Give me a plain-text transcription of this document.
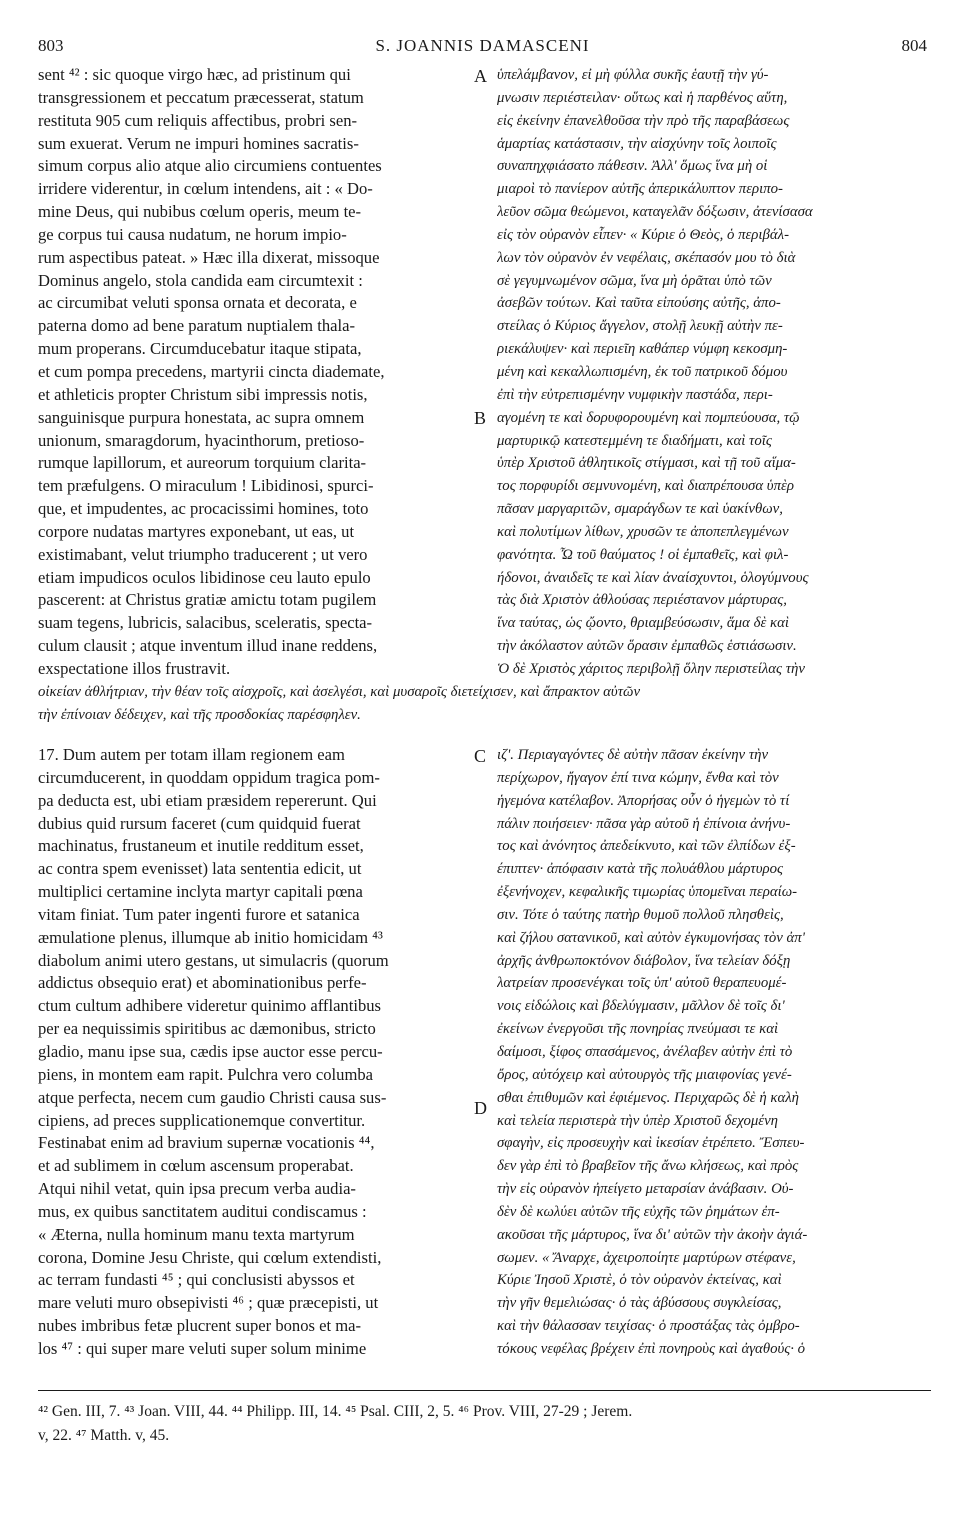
803	S. JOANNIS DAMASCENI	804
sent ⁴² : sic quoque virgo hæc, ad pristinum qui
transgressionem et peccatum præcesserat, statum
restituta 905 cum reliquis affectibus, probri sen-
sum exuerat. Verum ne impuri homines sacratis-
simum corpus alio atque alio circumiens contuentes
irridere viderentur, in cœlum intendens, ait : « Do-
mine Deus, qui nubibus cœlum operis, meum te-
ge corpus tui causa nudatum, ne horum impio-
rum aspectibus pateat. » Hæc illa dixerat, missoque
Dominus angelo, stola candida eam circumtexit :
ac circumibat veluti sponsa ornata et decorata, e
paterna domo ad bene paratum nuptialem thala-
mum properans. Circumducebatur itaque stipata,
et cum pompa precedens, martyrii cincta diademate,
et athleticis propter Christum sibi impressis notis,
sanguinisque purpura honestata, ac supra omnem
unionum, smaragdorum, hyacinthorum, pretioso-
rumque lapillorum, et aureorum torquium clarita-
tem præfulgens. O miraculum ! Libidinosi, spurci-
que, et impudentes, ac procacissimi homines, toto
corpore nudatas martyres exponebant, ut eas, ut
existimabant, velut triumpho traducerent ; ut vero
etiam impudicos oculos libidinose ceu lauto epulo
pascerent: at Christus gratiæ amictu totam pugilem
suam tegens, lubricis, salacibus, sceleratis, specta-
culum clausit ; atque inventum illud inane reddens,
exspectatione illos frustravit.
ὑπελάμβανον, εἰ μὴ φύλλα συκῆς ἑαυτῇ τὴν γύ-
μνωσιν περιέστειλαν· οὕτως καὶ ἡ παρθένος αὕτη,
εἰς ἐκείνην ἐπανελθοῦσα τὴν πρὸ τῆς παραβάσεως
ἁμαρτίας κατάστασιν, τὴν αἰσχύνην τοῖς λοιποῖς
συναπηχφιάσατο πάθεσιν. Ἀλλ' ὅμως ἵνα μὴ οἱ
μιαροὶ τὸ πανίερον αὐτῆς ἀπερικάλυπτον περιπο-
λεῦον σῶμα θεώμενοι, καταγελᾶν δόξωσιν, ἀτενίσασα
εἰς τὸν οὐρανὸν εἶπεν· « Κύριε ὁ Θεὸς, ὁ περιβάλ-
λων τὸν οὐρανὸν ἐν νεφέλαις, σκέπασόν μου τὸ διὰ
σὲ γεγυμνωμένον σῶμα, ἵνα μὴ ὁρᾶται ὑπὸ τῶν
ἀσεβῶν τούτων. Καὶ ταῦτα εἰπούσης αὐτῆς, ἀπο-
στείλας ὁ Κύριος ἄγγελον, στολῇ λευκῇ αὐτὴν πε-
ριεκάλυψεν· καὶ περιεῖη καθάπερ νύμφη κεκοσμη-
μένη καὶ κεκαλλωπισμένη, ἐκ τοῦ πατρικοῦ δόμου
ἐπὶ τὴν εὐτρεπισμένην νυμφικὴν παστάδα, περι-
αγομένη τε καὶ δορυφορουμένη καὶ πομπεύουσα, τῷ
μαρτυρικῷ κατεστεμμένη τε διαδήματι, καὶ τοῖς
ὑπὲρ Χριστοῦ ἀθλητικοῖς στίγμασι, καὶ τῇ τοῦ αἵμα-
τος πορφυρίδι σεμνυνομένη, καὶ διαπρέπουσα ὑπὲρ
πᾶσαν μαργαριτῶν, σμαράγδων τε καὶ ὑακίνθων,
καὶ πολυτίμων λίθων, χρυσῶν τε ἀποπεπλεγμένων
φανότητα. Ὦ τοῦ θαύματος ! οἱ ἐμπαθεῖς, καὶ φιλ-
ήδονοι, ἀναιδεῖς τε καὶ λίαν ἀναίσχυντοι, ὁλογύμνους
τὰς διὰ Χριστὸν ἀθλούσας περιέστανον μάρτυρας,
ἵνα ταύτας, ὡς ᾤοντο, θριαμβεύσωσιν, ἅμα δὲ καὶ
τὴν ἀκόλαστον αὐτῶν ὅρασιν ἐμπαθῶς ἑστιάσωσιν.
Ὁ δὲ Χριστὸς χάριτος περιβολῇ ὅλην περιστείλας τὴν
οἰκείαν ἀθλήτριαν, τὴν θέαν τοῖς αἰσχροῖς, καὶ ἀσελγέσι, καὶ μυσαροῖς διετείχισεν, καὶ ἄπρακτον αὐτῶν
τὴν ἐπίνοιαν δέδειχεν, καὶ τῆς προσδοκίας παρέσφηλεν.
17. Dum autem per totam illam regionem eam
circumducerent, in quoddam oppidum tragica pom-
pa deducta est, ubi etiam præsidem repererunt. Qui
dubius quid rursum faceret (cum quidquid fuerat
machinatus, frustaneum et inutile redditum esset,
ac contra spem evenisset) lata sententia edicit, ut
multiplici certamine inclyta martyr capitali pœna
vitam finiat. Tum pater ingenti furore et satanica
æmulatione plenus, illumque ab initio homicidam ⁴³
diabolum animi utero gestans, ut simulacris (quorum
addictus obsequio erat) et abominationibus perfe-
ctum cultum adhibere videretur quinimo afflantibus
per ea nequissimis spiritibus ac dæmonibus, stricto
gladio, manu ipse sua, cædis ipse auctor esse percu-
piens, in montem eam rapit. Pulchra vero columba
atque perfecta, necem cum gaudio Christi causa sus-
cipiens, ad preces supplicationemque convertitur.
Festinabat enim ad bravium supernæ vocationis ⁴⁴,
et ad sublimem in cœlum ascensum properabat.
Atqui nihil vetat, quin ipsa precum verba audia-
mus, ex quibus sanctitatem auditui condiscamus :
« Æterna, nulla hominum manu texta martyrum
corona, Domine Jesu Christe, qui cœlum extendisti,
ac terram fundasti ⁴⁵ ; qui conclusisti abyssos et
mare veluti muro obsepivisti ⁴⁶ ; quæ præcepisti, ut
nubes imbribus fetæ plucrent super bonos et ma-
los ⁴⁷ : qui super mare veluti super solum minime
ιζ'. Περιαγαγόντες δὲ αὐτὴν πᾶσαν ἐκείνην τὴν
περίχωρον, ἤγαγον ἐπί τινα κώμην, ἔνθα καὶ τὸν
ἡγεμόνα κατέλαβον. Ἀπορήσας οὖν ὁ ἡγεμὼν τὸ τί
πάλιν ποιήσειεν· πᾶσα γὰρ αὐτοῦ ἡ ἐπίνοια ἀνήνυ-
τος καὶ ἀνόνητος ἀπεδείκνυτο, καὶ τῶν ἐλπίδων ἐξ-
έπιπτεν· ἀπόφασιν κατὰ τῆς πολυάθλου μάρτυρος
ἐξενήνοχεν, κεφαλικῆς τιμωρίας ὑπομεῖναι περαίω-
σιν. Τότε ὁ ταύτης πατὴρ θυμοῦ πολλοῦ πλησθεὶς,
καὶ ζήλου σατανικοῦ, καὶ αὐτὸν ἐγκυμονήσας τὸν ἀπ'
ἀρχῆς ἀνθρωποκτόνον διάβολον, ἵνα τελείαν δόξῃ
λατρείαν προσενέγκαι τοῖς ὑπ' αὐτοῦ θεραπευομέ-
νοις εἰδώλοις καὶ βδελύγμασιν, μᾶλλον δὲ τοῖς δι'
ἐκείνων ἐνεργοῦσι τῆς πονηρίας πνεύμασι τε καὶ
δαίμοσι, ξίφος σπασάμενος, ἀνέλαβεν αὐτὴν ἐπὶ τὸ
ὄρος, αὐτόχειρ καὶ αὐτουργὸς τῆς μιαιφονίας γενέ-
σθαι ἐπιθυμῶν καὶ ἐφιέμενος. Περιχαρῶς δὲ ἡ καλὴ
καὶ τελεία περιστερὰ τὴν ὑπὲρ Χριστοῦ δεχομένη
σφαγὴν, εἰς προσευχὴν καὶ ἱκεσίαν ἐτρέπετο. Ἔσπευ-
δεν γὰρ ἐπὶ τὸ βραβεῖον τῆς ἄνω κλήσεως, καὶ πρὸς
τὴν εἰς οὐρανὸν ἠπείγετο μεταρσίαν ἀνάβασιν. Οὐ-
δὲν δὲ κωλύει αὐτῶν τῆς εὐχῆς τῶν ῥημάτων ἐπ-
ακοῦσαι τῆς μάρτυρος, ἵνα δι' αὐτῶν τὴν ἀκοὴν ἁγιά-
σωμεν. « Ἄναρχε, ἀχειροποίητε μαρτύρων στέφανε,
Κύριε Ἰησοῦ Χριστὲ, ὁ τὸν οὐρανὸν ἐκτείνας, καὶ
τὴν γῆν θεμελιώσας· ὁ τὰς ἀβύσσους συγκλείσας,
καὶ τὴν θάλασσαν τειχίσας· ὁ προστάξας τὰς ὀμβρο-
τόκους νεφέλας βρέχειν ἐπὶ πονηροὺς καὶ ἀγαθούς· ὁ
A
B
C
D
⁴² Gen. III, 7. ⁴³ Joan. VIII, 44. ⁴⁴ Philipp. III, 14. ⁴⁵ Psal. CIII, 2, 5. ⁴⁶ Prov. VIII, 27-29 ; Jerem.
v, 22. ⁴⁷ Matth. v, 45.
